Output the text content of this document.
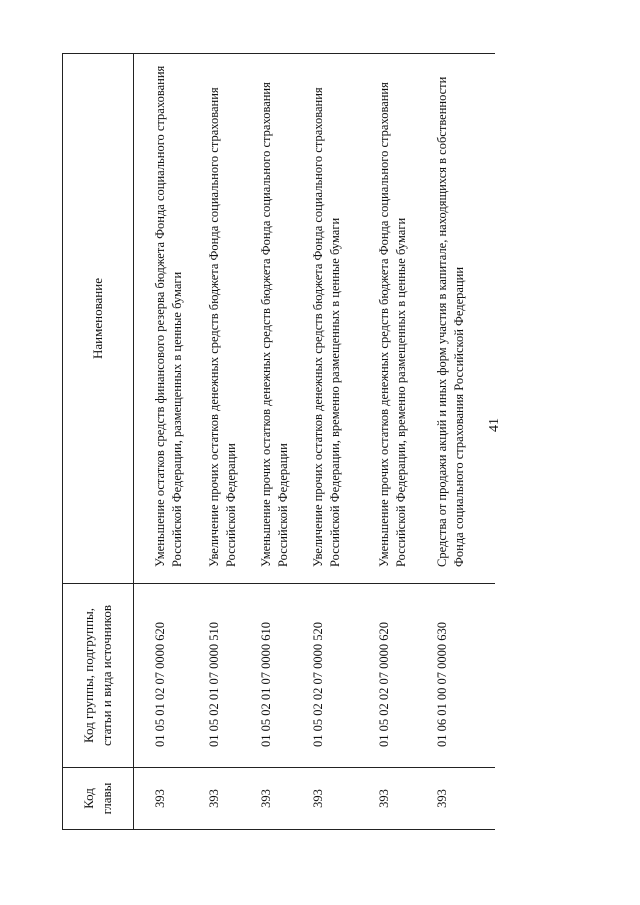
Код главы	Код группы, подгруппы, статьи и вида источников	Наименование
393	01 05 01 02 07 0000 620	Уменьшение остатков средств финансового резерва бюджета Фонда социального страхования Российской Федерации, размещенных в ценные бумаги
393	01 05 02 01 07 0000 510	Увеличение прочих остатков денежных средств бюджета Фонда социального страхования Российской Федерации
393	01 05 02 01 07 0000 610	Уменьшение прочих остатков денежных средств бюджета Фонда социального страхования Российской Федерации
393	01 05 02 02 07 0000 520	Увеличение прочих остатков денежных средств бюджета Фонда социального страхования Российской Федерации, временно размещенных в ценные бумаги
393	01 05 02 02 07 0000 620	Уменьшение прочих остатков денежных средств бюджета Фонда социального страхования Российской Федерации, временно размещенных в ценные бумаги
393	01 06 01 00 07 0000 630	Средства от продажи акций и иных форм участия в капитале, находящихся в собственности Фонда социального страхования Российской Федерации 41
